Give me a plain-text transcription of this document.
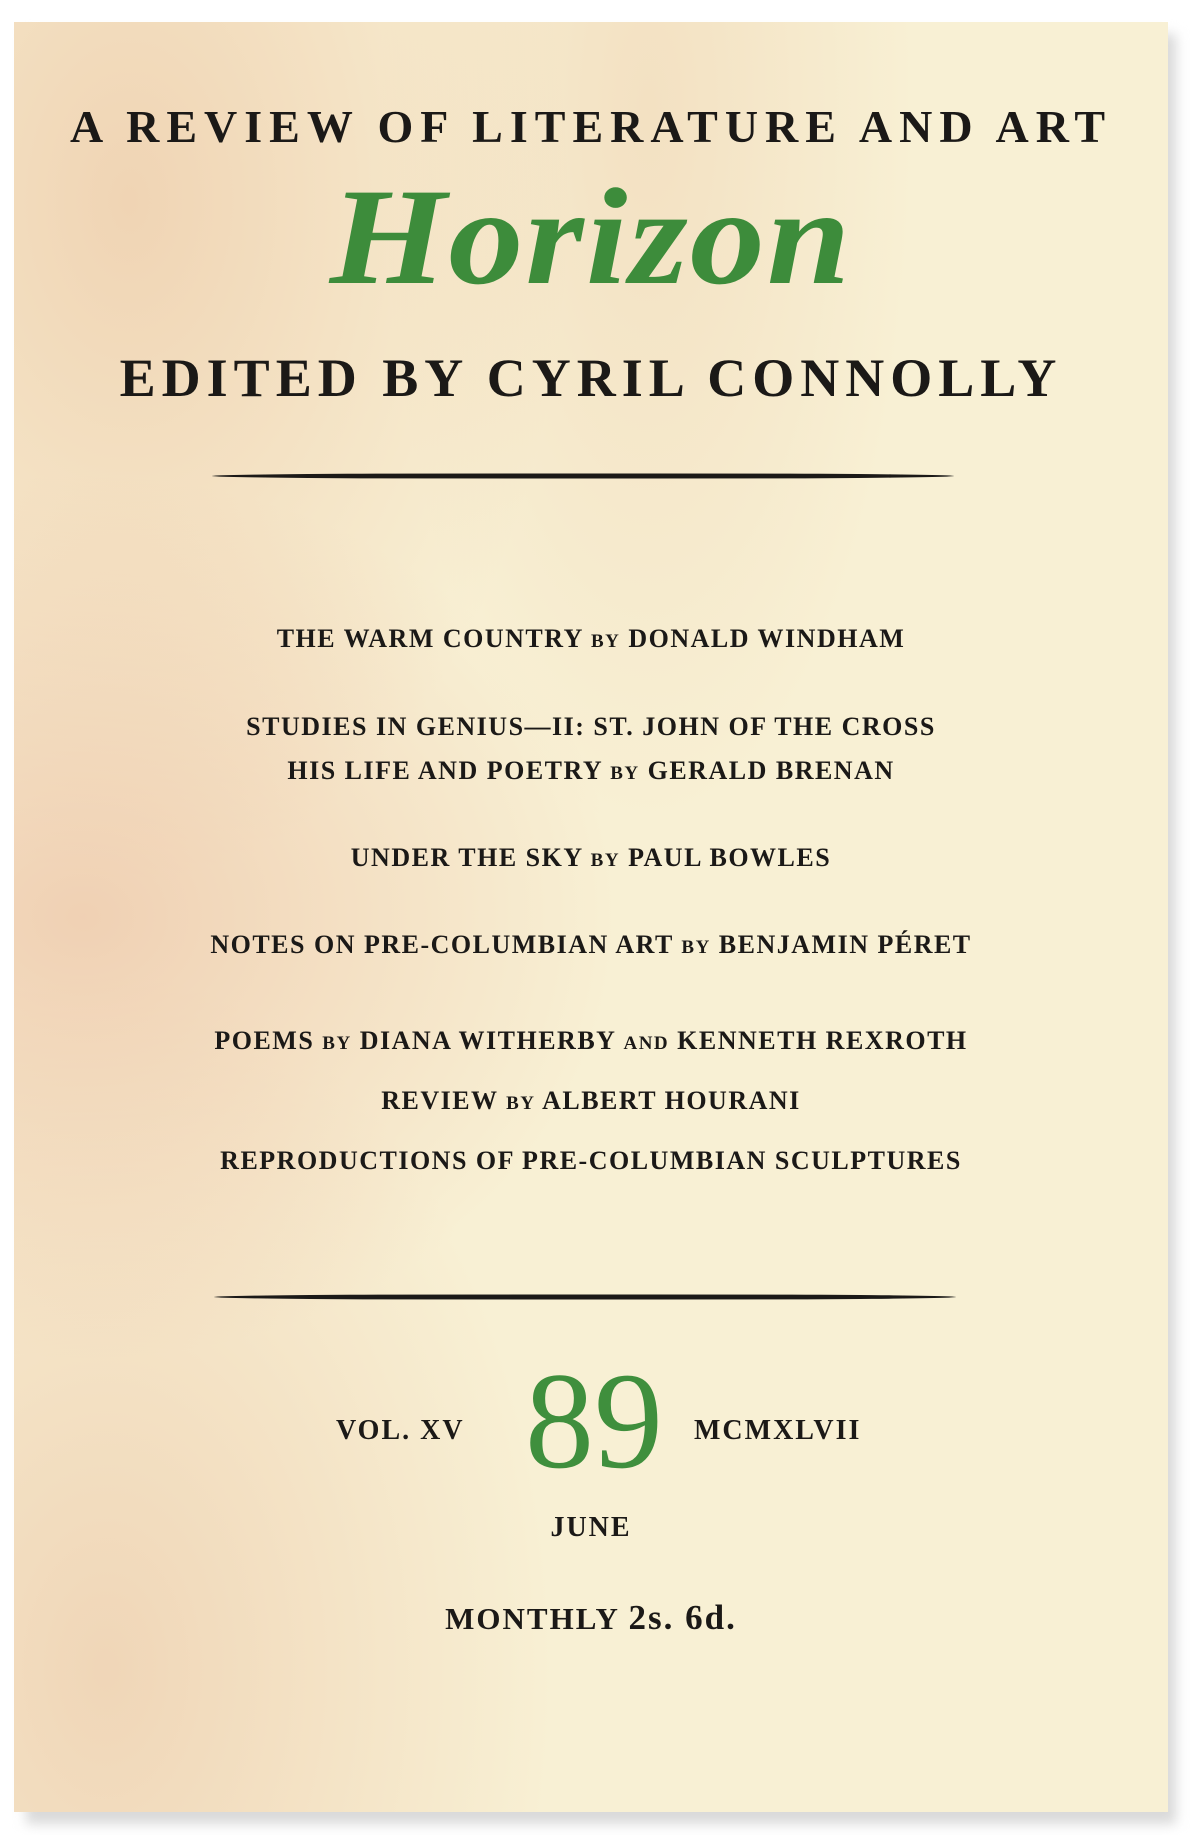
A REVIEW OF LITERATURE AND ART
Horizon
EDITED BY CYRIL CONNOLLY
THE WARM COUNTRY BY DONALD WINDHAM
STUDIES IN GENIUS—II: ST. JOHN OF THE CROSS
HIS LIFE AND POETRY BY GERALD BRENAN
UNDER THE SKY BY PAUL BOWLES
NOTES ON PRE-COLUMBIAN ART BY BENJAMIN PÉRET
POEMS BY DIANA WITHERBY AND KENNETH REXROTH
REVIEW BY ALBERT HOURANI
REPRODUCTIONS OF PRE-COLUMBIAN SCULPTURES
VOL. XV 89	MCMXLVII
JUNE
MONTHLY 2s. 6d.
